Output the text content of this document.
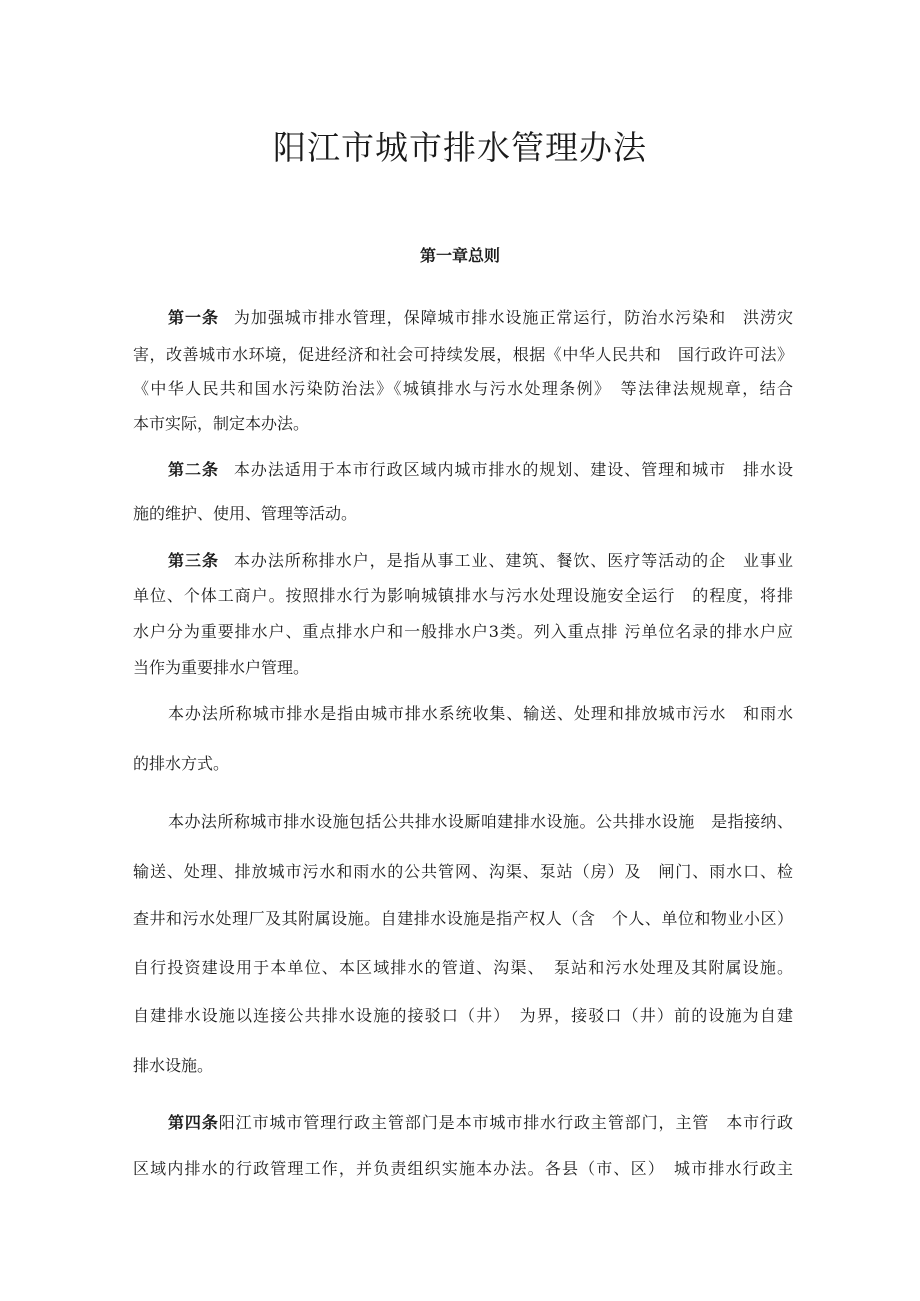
阳江市城市排水管理办法
第一章总则
第一条 为加强城市排水管理，保障城市排水设施正常运行，防治水污染和　洪涝灾
害，改善城市水环境，促进经济和社会可持续发展，根据《中华人民共和　国行政许可法》
《中华人民共和国水污染防治法》《城镇排水与污水处理条例》　等法律法规规章，结合
本市实际，制定本办法。
第二条 本办法适用于本市行政区域内城市排水的规划、建设、管理和城市　排水设
施的维护、使用、管理等活动。
第三条 本办法所称排水户，是指从事工业、建筑、餐饮、医疗等活动的企　业事业
单位、个体工商户。按照排水行为影响城镇排水与污水处理设施安全运行　的程度，将排
水户分为重要排水户、重点排水户和一般排水户3类。列入重点排 污单位名录的排水户应
当作为重要排水户管理。
本办法所称城市排水是指由城市排水系统收集、输送、处理和排放城市污水　和雨水
的排水方式。
本办法所称城市排水设施包括公共排水设厮咱建排水设施。公共排水设施　是指接纳、
输送、处理、排放城市污水和雨水的公共管网、沟渠、泵站（房）及　闸门、雨水口、检
查井和污水处理厂及其附属设施。自建排水设施是指产权人（含　个人、单位和物业小区）
自行投资建设用于本单位、本区域排水的管道、沟渠、　泵站和污水处理及其附属设施。
自建排水设施以连接公共排水设施的接驳口（井）　为界，接驳口（井）前的设施为自建
排水设施。
第四条阳江市城市管理行政主管部门是本市城市排水行政主管部门，主管　本市行政
区域内排水的行政管理工作，并负责组织实施本办法。各县（市、区）　城市排水行政主
